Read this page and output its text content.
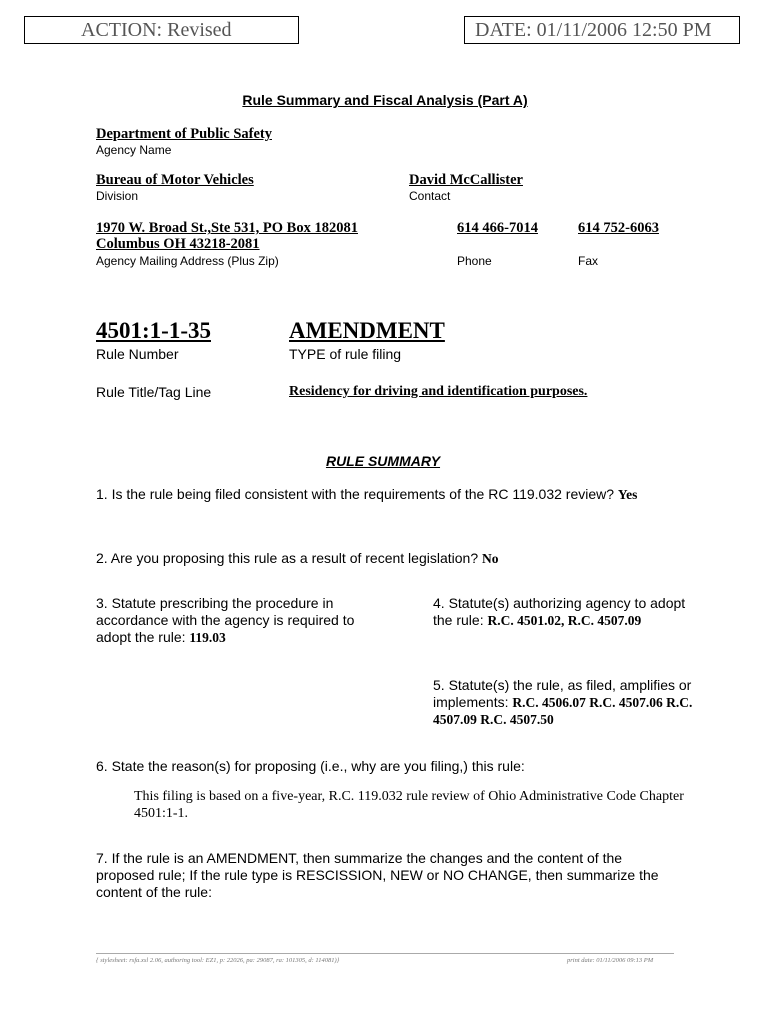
ACTION: Revised	DATE: 01/11/2006 12:50 PM
Rule Summary and Fiscal Analysis (Part A)
Department of Public Safety
Agency Name
Bureau of Motor Vehicles
Division
David McCallister
Contact
1970 W. Broad St.,Ste 531, PO Box 182081
Columbus OH 43218-2081
Agency Mailing Address (Plus Zip)
614 466-7014
Phone
614 752-6063
Fax
4501:1-1-35
Rule Number
AMENDMENT
TYPE of rule filing
Rule Title/Tag Line	Residency for driving and identification purposes.
RULE SUMMARY
1. Is the rule being filed consistent with the requirements of the RC 119.032 review? Yes
2. Are you proposing this rule as a result of recent legislation? No
3. Statute prescribing the procedure in accordance with the agency is required to adopt the rule: 119.03
4. Statute(s) authorizing agency to adopt the rule: R.C. 4501.02, R.C. 4507.09
5. Statute(s) the rule, as filed, amplifies or implements: R.C. 4506.07 R.C. 4507.06 R.C. 4507.09 R.C. 4507.50
6. State the reason(s) for proposing (i.e., why are you filing,) this rule:
This filing is based on a five-year, R.C. 119.032 rule review of Ohio Administrative Code Chapter 4501:1-1.
7. If the rule is an AMENDMENT, then summarize the changes and the content of the proposed rule; If the rule type is RESCISSION, NEW or NO CHANGE, then summarize the content of the rule:
{ stylesheet: rsfa.xsl 2.06, authoring tool: EZ1, p: 22026, pa: 29087, ra: 101305, d: 114081)}	print date: 01/11/2006 09:13 PM
